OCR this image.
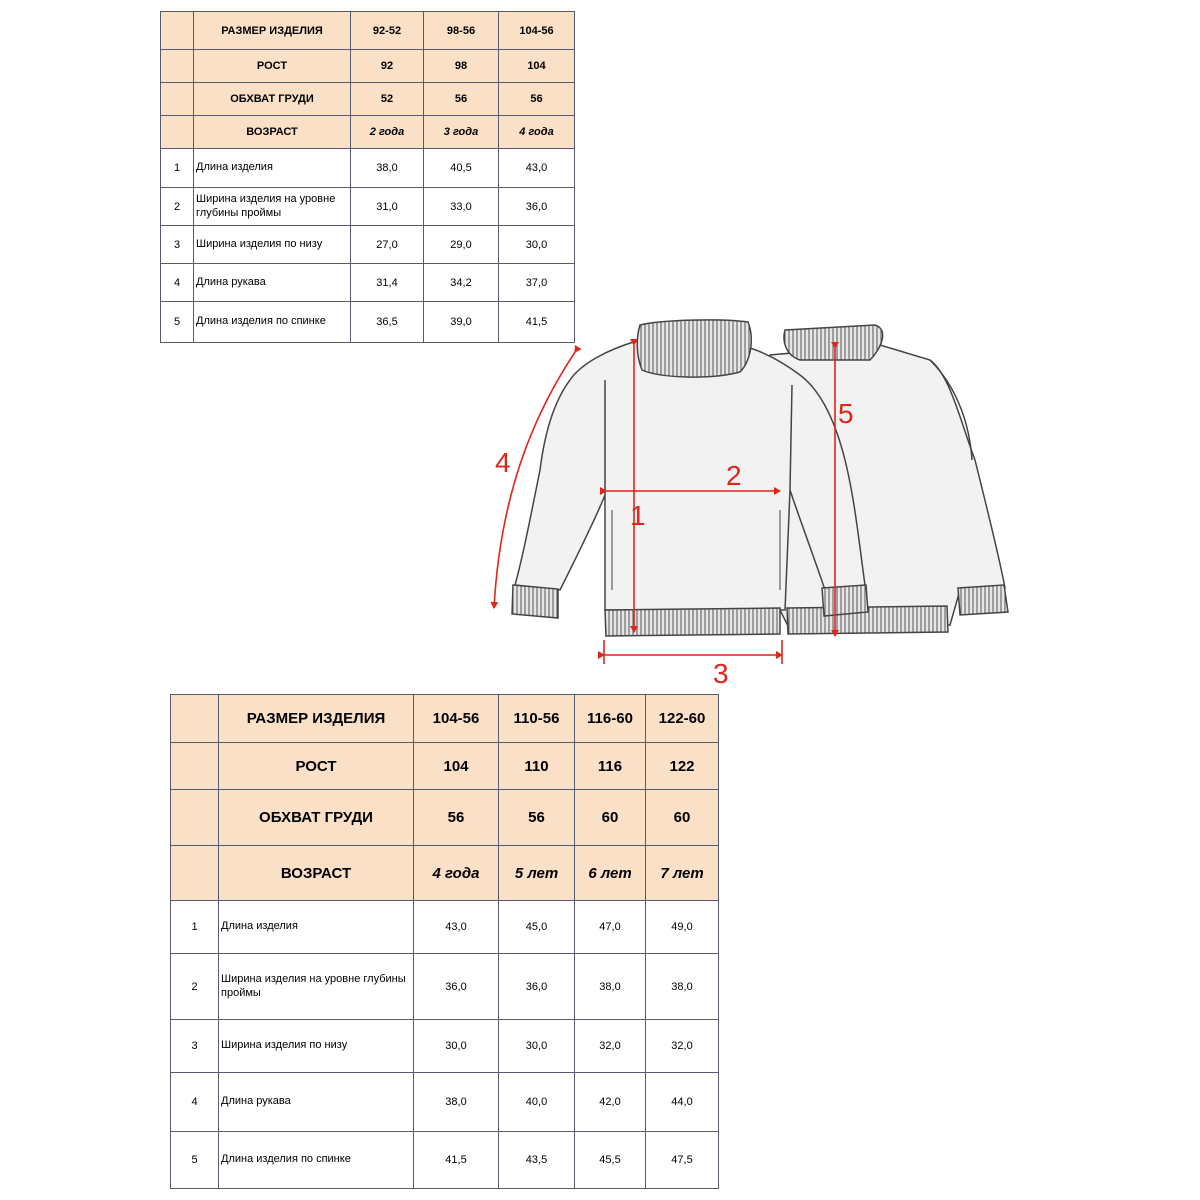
	РАЗМЕР ИЗДЕЛИЯ	92-52	98-56	104-56
	РОСТ	92	98	104
	ОБХВАТ ГРУДИ	52	56	56
	ВОЗРАСТ	2 года	3 года	4 года
1	Длина изделия	38,0	40,5	43,0
2	Ширина изделия на уровне глубины проймы	31,0	33,0	36,0
3	Ширина изделия по низу	27,0	29,0	30,0
4	Длина рукава	31,4	34,2	37,0
5	Длина изделия по спинке	36,5	39,0	41,5
1
2
3
4
5
	РАЗМЕР ИЗДЕЛИЯ	104-56	110-56	116-60	122-60
	РОСТ	104	110	116	122
	ОБХВАТ ГРУДИ	56	56	60	60
	ВОЗРАСТ	4 года	5 лет	6 лет	7 лет
1	Длина изделия	43,0	45,0	47,0	49,0
2	Ширина изделия на уровне глубины проймы	36,0	36,0	38,0	38,0
3	Ширина изделия по низу	30,0	30,0	32,0	32,0
4	Длина рукава	38,0	40,0	42,0	44,0
5	Длина изделия по спинке	41,5	43,5	45,5	47,5
